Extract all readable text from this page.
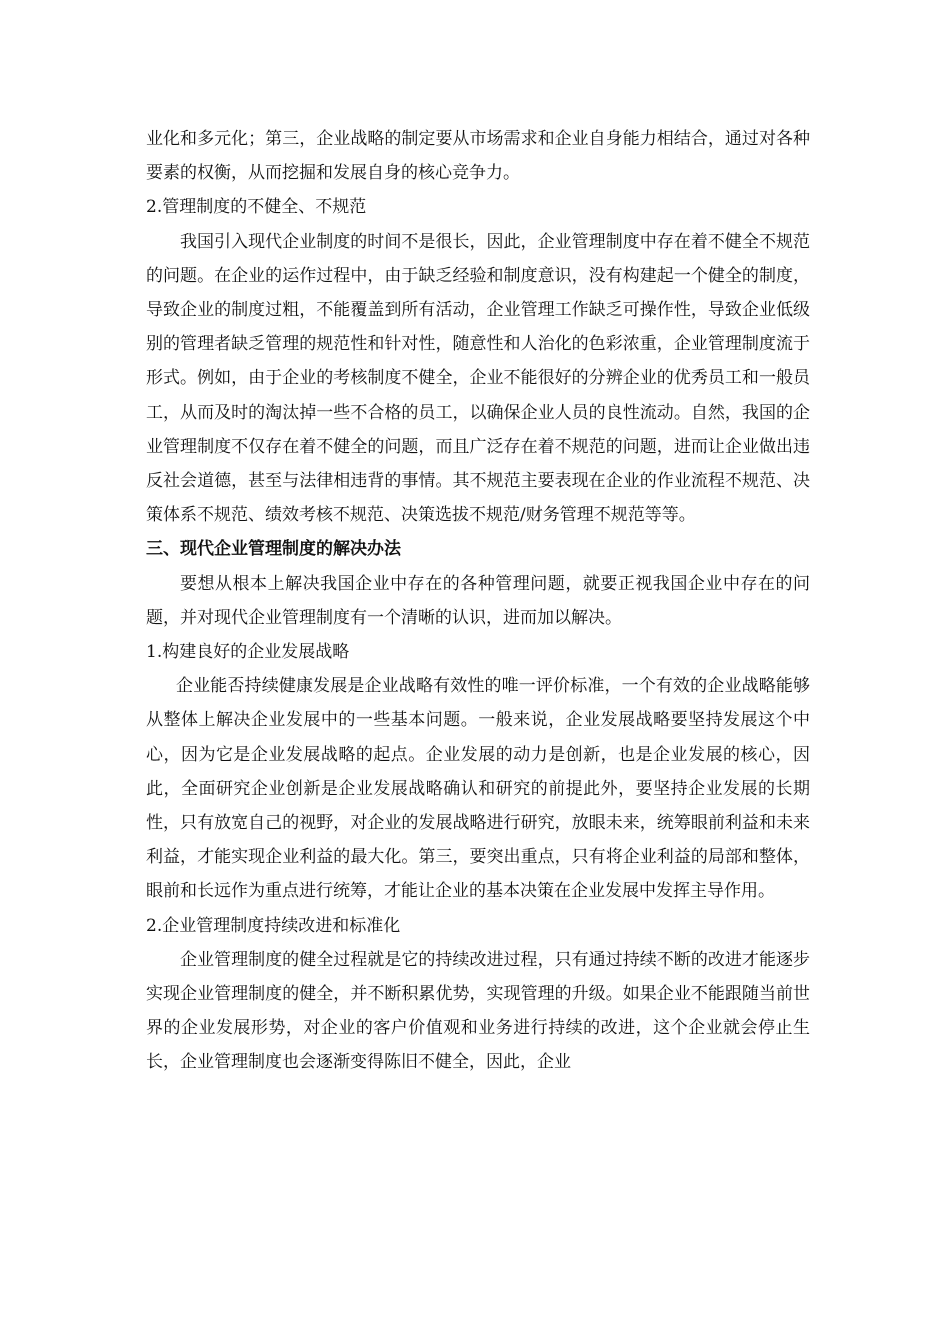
业化和多元化；第三，企业战略的制定要从市场需求和企业自身能力相结合，通过对各种要素的权衡，从而挖掘和发展自身的核心竞争力。

2.管理制度的不健全、不规范

我国引入现代企业制度的时间不是很长，因此，企业管理制度中存在着不健全不规范的问题。在企业的运作过程中，由于缺乏经验和制度意识，没有构建起一个健全的制度，导致企业的制度过粗，不能覆盖到所有活动，企业管理工作缺乏可操作性，导致企业低级别的管理者缺乏管理的规范性和针对性，随意性和人治化的色彩浓重，企业管理制度流于形式。例如，由于企业的考核制度不健全，企业不能很好的分辨企业的优秀员工和一般员工，从而及时的淘汰掉一些不合格的员工，以确保企业人员的良性流动。自然，我国的企业管理制度不仅存在着不健全的问题，而且广泛存在着不规范的问题，进而让企业做出违反社会道德，甚至与法律相违背的事情。其不规范主要表现在企业的作业流程不规范、决策体系不规范、绩效考核不规范、决策选拔不规范/财务管理不规范等等。

三、现代企业管理制度的解决办法

要想从根本上解决我国企业中存在的各种管理问题，就要正视我国企业中存在的问题，并对现代企业管理制度有一个清晰的认识，进而加以解决。

1.构建良好的企业发展战略

企业能否持续健康发展是企业战略有效性的唯一评价标准，一个有效的企业战略能够从整体上解决企业发展中的一些基本问题。一般来说，企业发展战略要坚持发展这个中心，因为它是企业发展战略的起点。企业发展的动力是创新，也是企业发展的核心，因此，全面研究企业创新是企业发展战略确认和研究的前提此外，要坚持企业发展的长期性，只有放宽自己的视野，对企业的发展战略进行研究，放眼未来，统筹眼前利益和未来利益，才能实现企业利益的最大化。第三，要突出重点，只有将企业利益的局部和整体，眼前和长远作为重点进行统筹，才能让企业的基本决策在企业发展中发挥主导作用。

2.企业管理制度持续改进和标准化

企业管理制度的健全过程就是它的持续改进过程，只有通过持续不断的改进才能逐步实现企业管理制度的健全，并不断积累优势，实现管理的升级。如果企业不能跟随当前世界的企业发展形势，对企业的客户价值观和业务进行持续的改进，这个企业就会停止生长，企业管理制度也会逐渐变得陈旧不健全，因此，企业
